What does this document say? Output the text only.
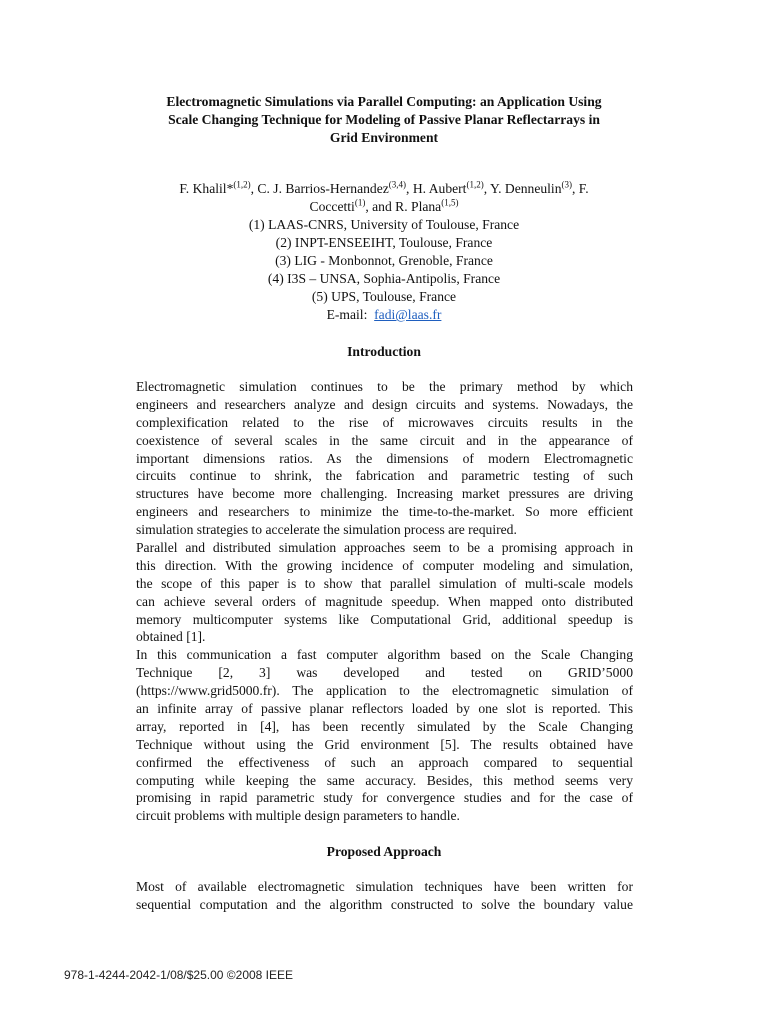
Electromagnetic Simulations via Parallel Computing: an Application Using
Scale Changing Technique for Modeling of Passive Planar Reflectarrays in
Grid Environment
F. Khalil*$^{(1,2)}$, C. J. Barrios-Hernandez$^{(3,4)}$, H. Aubert$^{(1,2)}$, Y. Denneulin$^{(3)}$, F.
Coccetti$^{(1)}$, and R. Plana$^{(1,5)}$
(1) LAAS-CNRS, University of Toulouse, France
(2) INPT-ENSEEIHT, Toulouse, France
(3) LIG - Monbonnot, Grenoble, France
(4) I3S – UNSA, Sophia-Antipolis, France
(5) UPS, Toulouse, France
E-mail: fadi@laas.fr
Introduction
Electromagnetic simulation continues to be the primary method by which
engineers and researchers analyze and design circuits and systems. Nowadays, the
complexification related to the rise of microwaves circuits results in the
coexistence of several scales in the same circuit and in the appearance of
important dimensions ratios. As the dimensions of modern Electromagnetic
circuits continue to shrink, the fabrication and parametric testing of such
structures have become more challenging. Increasing market pressures are driving
engineers and researchers to minimize the time-to-the-market. So more efficient
simulation strategies to accelerate the simulation process are required.
Parallel and distributed simulation approaches seem to be a promising approach in
this direction. With the growing incidence of computer modeling and simulation,
the scope of this paper is to show that parallel simulation of multi-scale models
can achieve several orders of magnitude speedup. When mapped onto distributed
memory multicomputer systems like Computational Grid, additional speedup is
obtained [1].
In this communication a fast computer algorithm based on the Scale Changing
Technique [2, 3] was developed and tested on GRID’5000
(https://www.grid5000.fr). The application to the electromagnetic simulation of
an infinite array of passive planar reflectors loaded by one slot is reported. This
array, reported in [4], has been recently simulated by the Scale Changing
Technique without using the Grid environment [5]. The results obtained have
confirmed the effectiveness of such an approach compared to sequential
computing while keeping the same accuracy. Besides, this method seems very
promising in rapid parametric study for convergence studies and for the case of
circuit problems with multiple design parameters to handle.
Proposed Approach
Most of available electromagnetic simulation techniques have been written for
sequential computation and the algorithm constructed to solve the boundary value
978-1-4244-2042-1/08/$25.00 ©2008 IEEE
